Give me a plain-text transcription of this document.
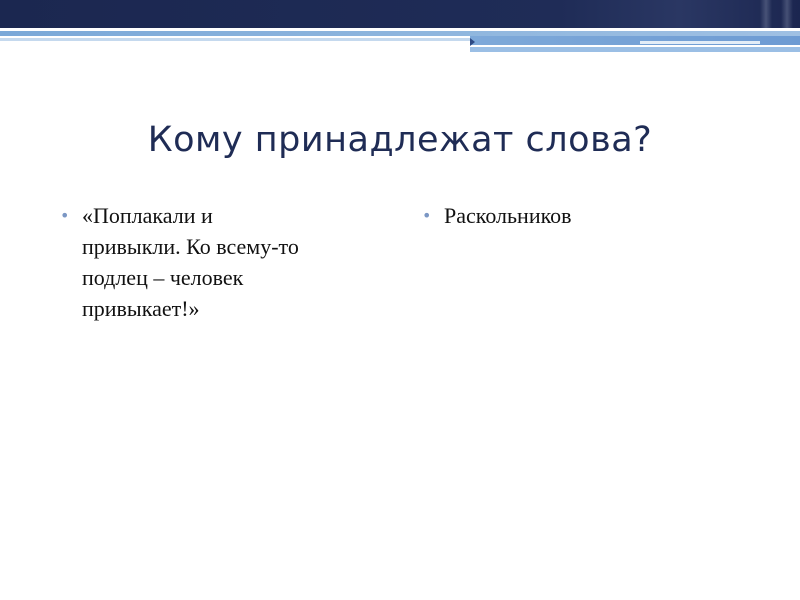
Кому принадлежат слова?
• «Поплакали и
привыкли. Ко всему-то
подлец – человек
привыкает!»
• Раскольников
